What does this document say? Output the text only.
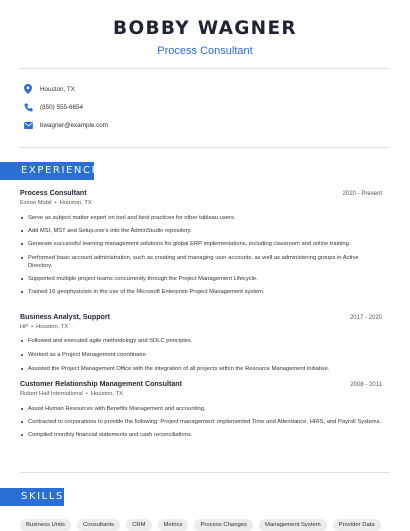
BOBBY WAGNER
Process Consultant
Houston, TX
(850) 555-6654
bwagner@example.com
EXPERIENCE
Process Consultant	2020 - Present
Exxon Mobil • Houston, TX
Serve as subject matter expert on tool and best practices for other tableau users.
Add MSI, MST and Setup.exe's into the AdminStudio repository.
Generate successful learning management solutions for global ERP implementations, including classroom and online training.
Performed basic account administration, such as creating and managing user accounts, as well as administering groups in Active Directory.
Supported multiple project teams concurrently through the Project Management Lifecycle.
Trained 16 geophysicists in the use of the Microsoft Enterprise Project Management system.
Business Analyst, Support	2017 - 2020
HP • Houston, TX
Followed and executed agile methodology and SDLC principles.
Worked as a Project Management coordinator.
Assisted the Project Management Office with the integration of all projects within the Resource Management initiative.
Customer Relationship Management Consultant	2008 - 2011
Robert Half International • Houston, TX
Assist Human Resources with Benefits Management and accounting.
Contracted to corporations to provide the following: Project management: implemented Time and Attendance, HRIS, and Payroll Systems.
Compiled monthly financial statements and cash reconciliations.
SKILLS
Business Units	Consultants	CRM	Metrics	Process Changes	Management System	Provider Data
